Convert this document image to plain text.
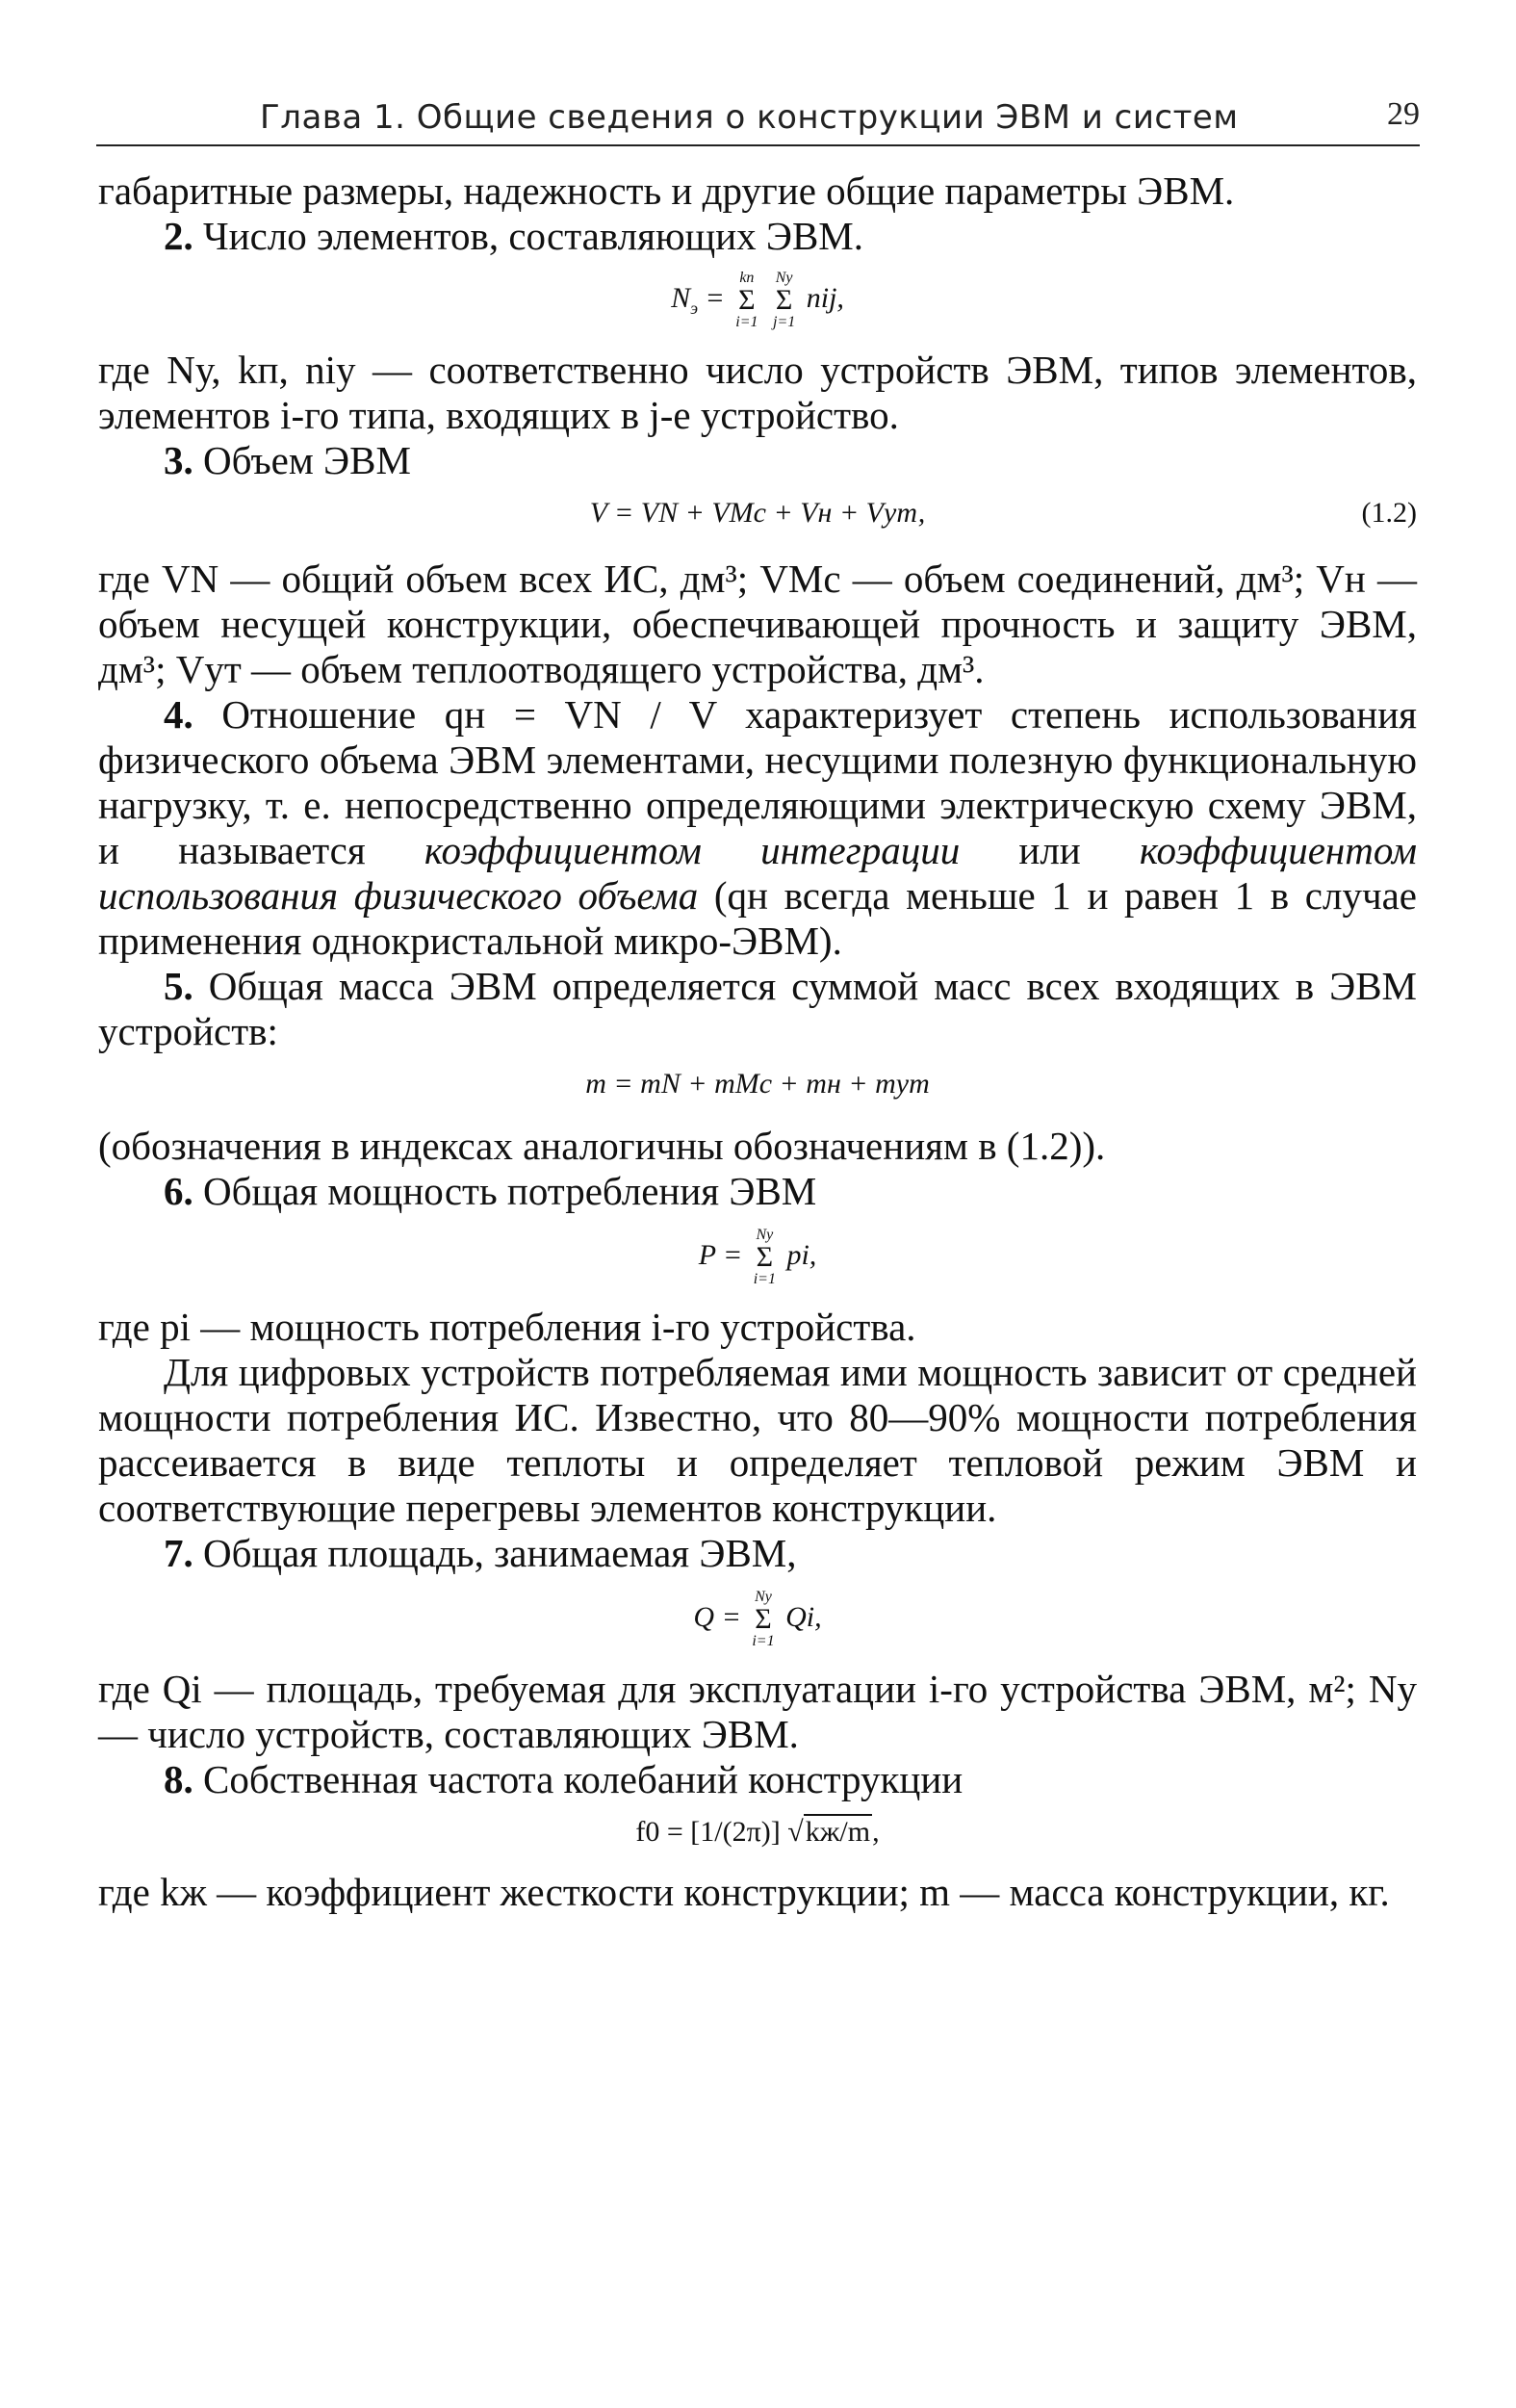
Глава 1. Общие сведения о конструкции ЭВМ и систем	29

габаритные размеры, надежность и другие общие параметры ЭВМ.

2. Число элементов, составляющих ЭВМ.

$N_э$ =
kп
Σ
i=1

Nу
Σ
j=1
nij,

где Nу, kп, niу — соответственно число устройств ЭВМ, типов элементов, элементов i-го типа, входящих в j-е устройство.

3. Объем ЭВМ

V = VN + VMc + Vн + Vут,	(1.2)

где VN — общий объем всех ИС, дм³; VMc — объем соединений, дм³; Vн — объем несущей конструкции, обеспечивающей прочность и защиту ЭВМ, дм³; Vут — объем теплоотводящего устройства, дм³.

4. Отношение qн = VN / V характеризует степень использования физического объема ЭВМ элементами, несущими полезную функциональную нагрузку, т. е. непосредственно определяющими электрическую схему ЭВМ, и называется коэффициентом интеграции или коэффициентом использования физического объема (qн всегда меньше 1 и равен 1 в случае применения однокристальной микро-ЭВМ).

5. Общая масса ЭВМ определяется суммой масс всех входящих в ЭВМ устройств:

m = mN + mMc + mн + mут

(обозначения в индексах аналогичны обозначениям в (1.2)).

6. Общая мощность потребления ЭВМ

P =
Nу
Σ
i=1
pi,

где pi — мощность потребления i-го устройства.

Для цифровых устройств потребляемая ими мощность зависит от средней мощности потребления ИС. Известно, что 80—90% мощности потребления рассеивается в виде теплоты и определяет тепловой режим ЭВМ и соответствующие перегревы элементов конструкции.

7. Общая площадь, занимаемая ЭВМ,

Q =
Nу
Σ
i=1
Qi,

где Qi — площадь, требуемая для эксплуатации i-го устройства ЭВМ, м²; Nу — число устройств, составляющих ЭВМ.

8. Собственная частота колебаний конструкции

f0 = [1/(2π)] √kж/m,

где kж — коэффициент жесткости конструкции; m — масса конструкции, кг.
